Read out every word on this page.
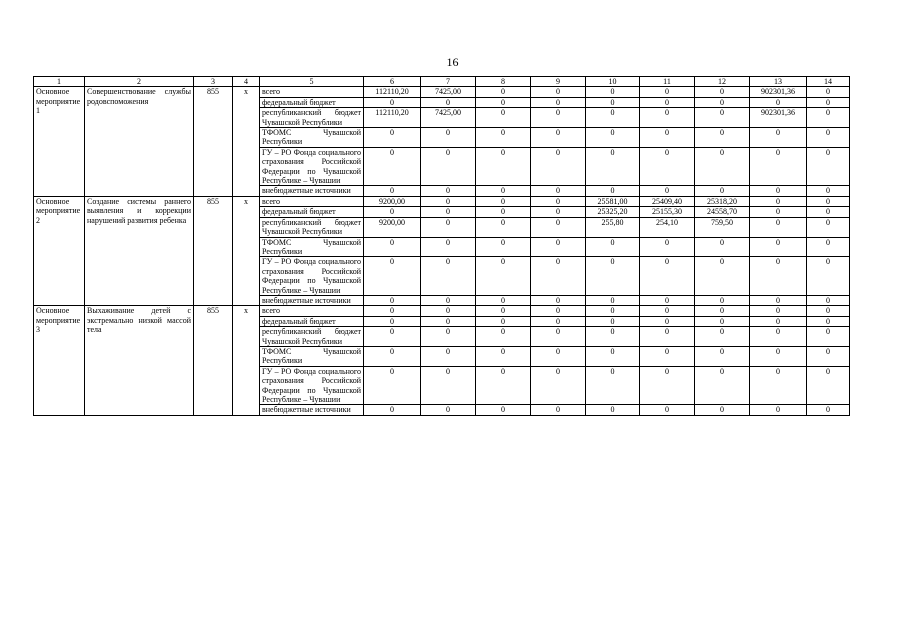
16
1	2	3	4	5	6	7	8	9	10	11	12	13	14
Основное мероприятие 1	Совершенствование службы родовспоможения	855	х	всего	112110,20	7425,00	0	0	0	0	0	902301,36	0
				федеральный бюджет	0	0	0	0	0	0	0	0	0
				республиканский бюджет Чувашской Республики	112110,20	7425,00	0	0	0	0	0	902301,36	0
				ТФОМС Чувашской Республики	0	0	0	0	0	0	0	0	0
				ГУ – РО Фонда социального страхования Российской Федерации по Чувашской Республике – Чувашии	0	0	0	0	0	0	0	0	0
				внебюджетные источники	0	0	0	0	0	0	0	0	0
Основное мероприятие 2	Создание системы раннего выявления и коррекции нарушений развития ребенка	855	х	всего	9200,00	0	0	0	25581,00	25409,40	25318,20	0	0
				федеральный бюджет	0	0	0	0	25325,20	25155,30	24558,70	0	0
				республиканский бюджет Чувашской Республики	9200,00	0	0	0	255,80	254,10	759,50	0	0
				ТФОМС Чувашской Республики	0	0	0	0	0	0	0	0	0
				ГУ – РО Фонда социального страхования Российской Федерации по Чувашской Республике – Чувашии	0	0	0	0	0	0	0	0	0
				внебюджетные источники	0	0	0	0	0	0	0	0	0
Основное мероприятие 3	Выхаживание детей с экстремально низкой массой тела	855	х	всего	0	0	0	0	0	0	0	0	0
				федеральный бюджет	0	0	0	0	0	0	0	0	0
				республиканский бюджет Чувашской Республики	0	0	0	0	0	0	0	0	0
				ТФОМС Чувашской Республики	0	0	0	0	0	0	0	0	0
				ГУ – РО Фонда социального страхования Российской Федерации по Чувашской Республике – Чувашии	0	0	0	0	0	0	0	0	0
				внебюджетные источники	0	0	0	0	0	0	0	0	0
